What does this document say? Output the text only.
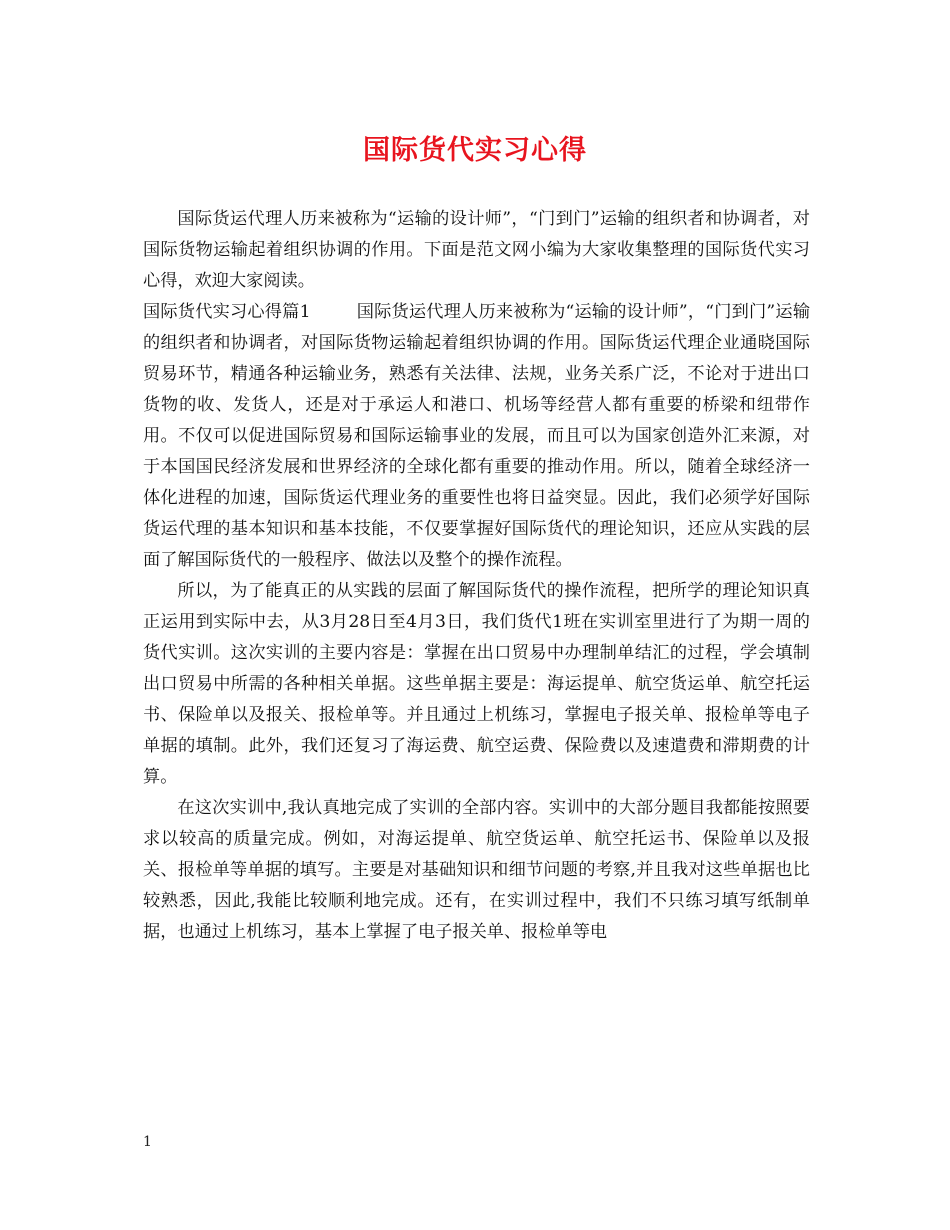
国际货代实习心得

国际货运代理人历来被称为“运输的设计师”，“门到门”运输的组织者和协调者，对国际货物运输起着组织协调的作用。下面是范文网小编为大家收集整理的国际货代实习心得，欢迎大家阅读。

国际货代实习心得篇1	国际货运代理人历来被称为“运输的设计师”，“门到门”运输的组织者和协调者，对国际货物运输起着组织协调的作用。国际货运代理企业通晓国际贸易环节，精通各种运输业务，熟悉有关法律、法规，业务关系广泛，不论对于进出口货物的收、发货人，还是对于承运人和港口、机场等经营人都有重要的桥梁和纽带作用。不仅可以促进国际贸易和国际运输事业的发展，而且可以为国家创造外汇来源，对于本国国民经济发展和世界经济的全球化都有重要的推动作用。所以，随着全球经济一体化进程的加速，国际货运代理业务的重要性也将日益突显。因此，我们必须学好国际货运代理的基本知识和基本技能，不仅要掌握好国际货代的理论知识，还应从实践的层面了解国际货代的一般程序、做法以及整个的操作流程。

所以，为了能真正的从实践的层面了解国际货代的操作流程，把所学的理论知识真正运用到实际中去，从3月28日至4月3日，我们货代1班在实训室里进行了为期一周的货代实训。这次实训的主要内容是：掌握在出口贸易中办理制单结汇的过程，学会填制出口贸易中所需的各种相关单据。这些单据主要是：海运提单、航空货运单、航空托运书、保险单以及报关、报检单等。并且通过上机练习，掌握电子报关单、报检单等电子单据的填制。此外，我们还复习了海运费、航空运费、保险费以及速遣费和滞期费的计算。

在这次实训中,我认真地完成了实训的全部内容。实训中的大部分题目我都能按照要求以较高的质量完成。例如，对海运提单、航空货运单、航空托运书、保险单以及报关、报检单等单据的填写。主要是对基础知识和细节问题的考察,并且我对这些单据也比较熟悉，因此,我能比较顺利地完成。还有，在实训过程中，我们不只练习填写纸制单据，也通过上机练习，基本上掌握了电子报关单、报检单等电

1
